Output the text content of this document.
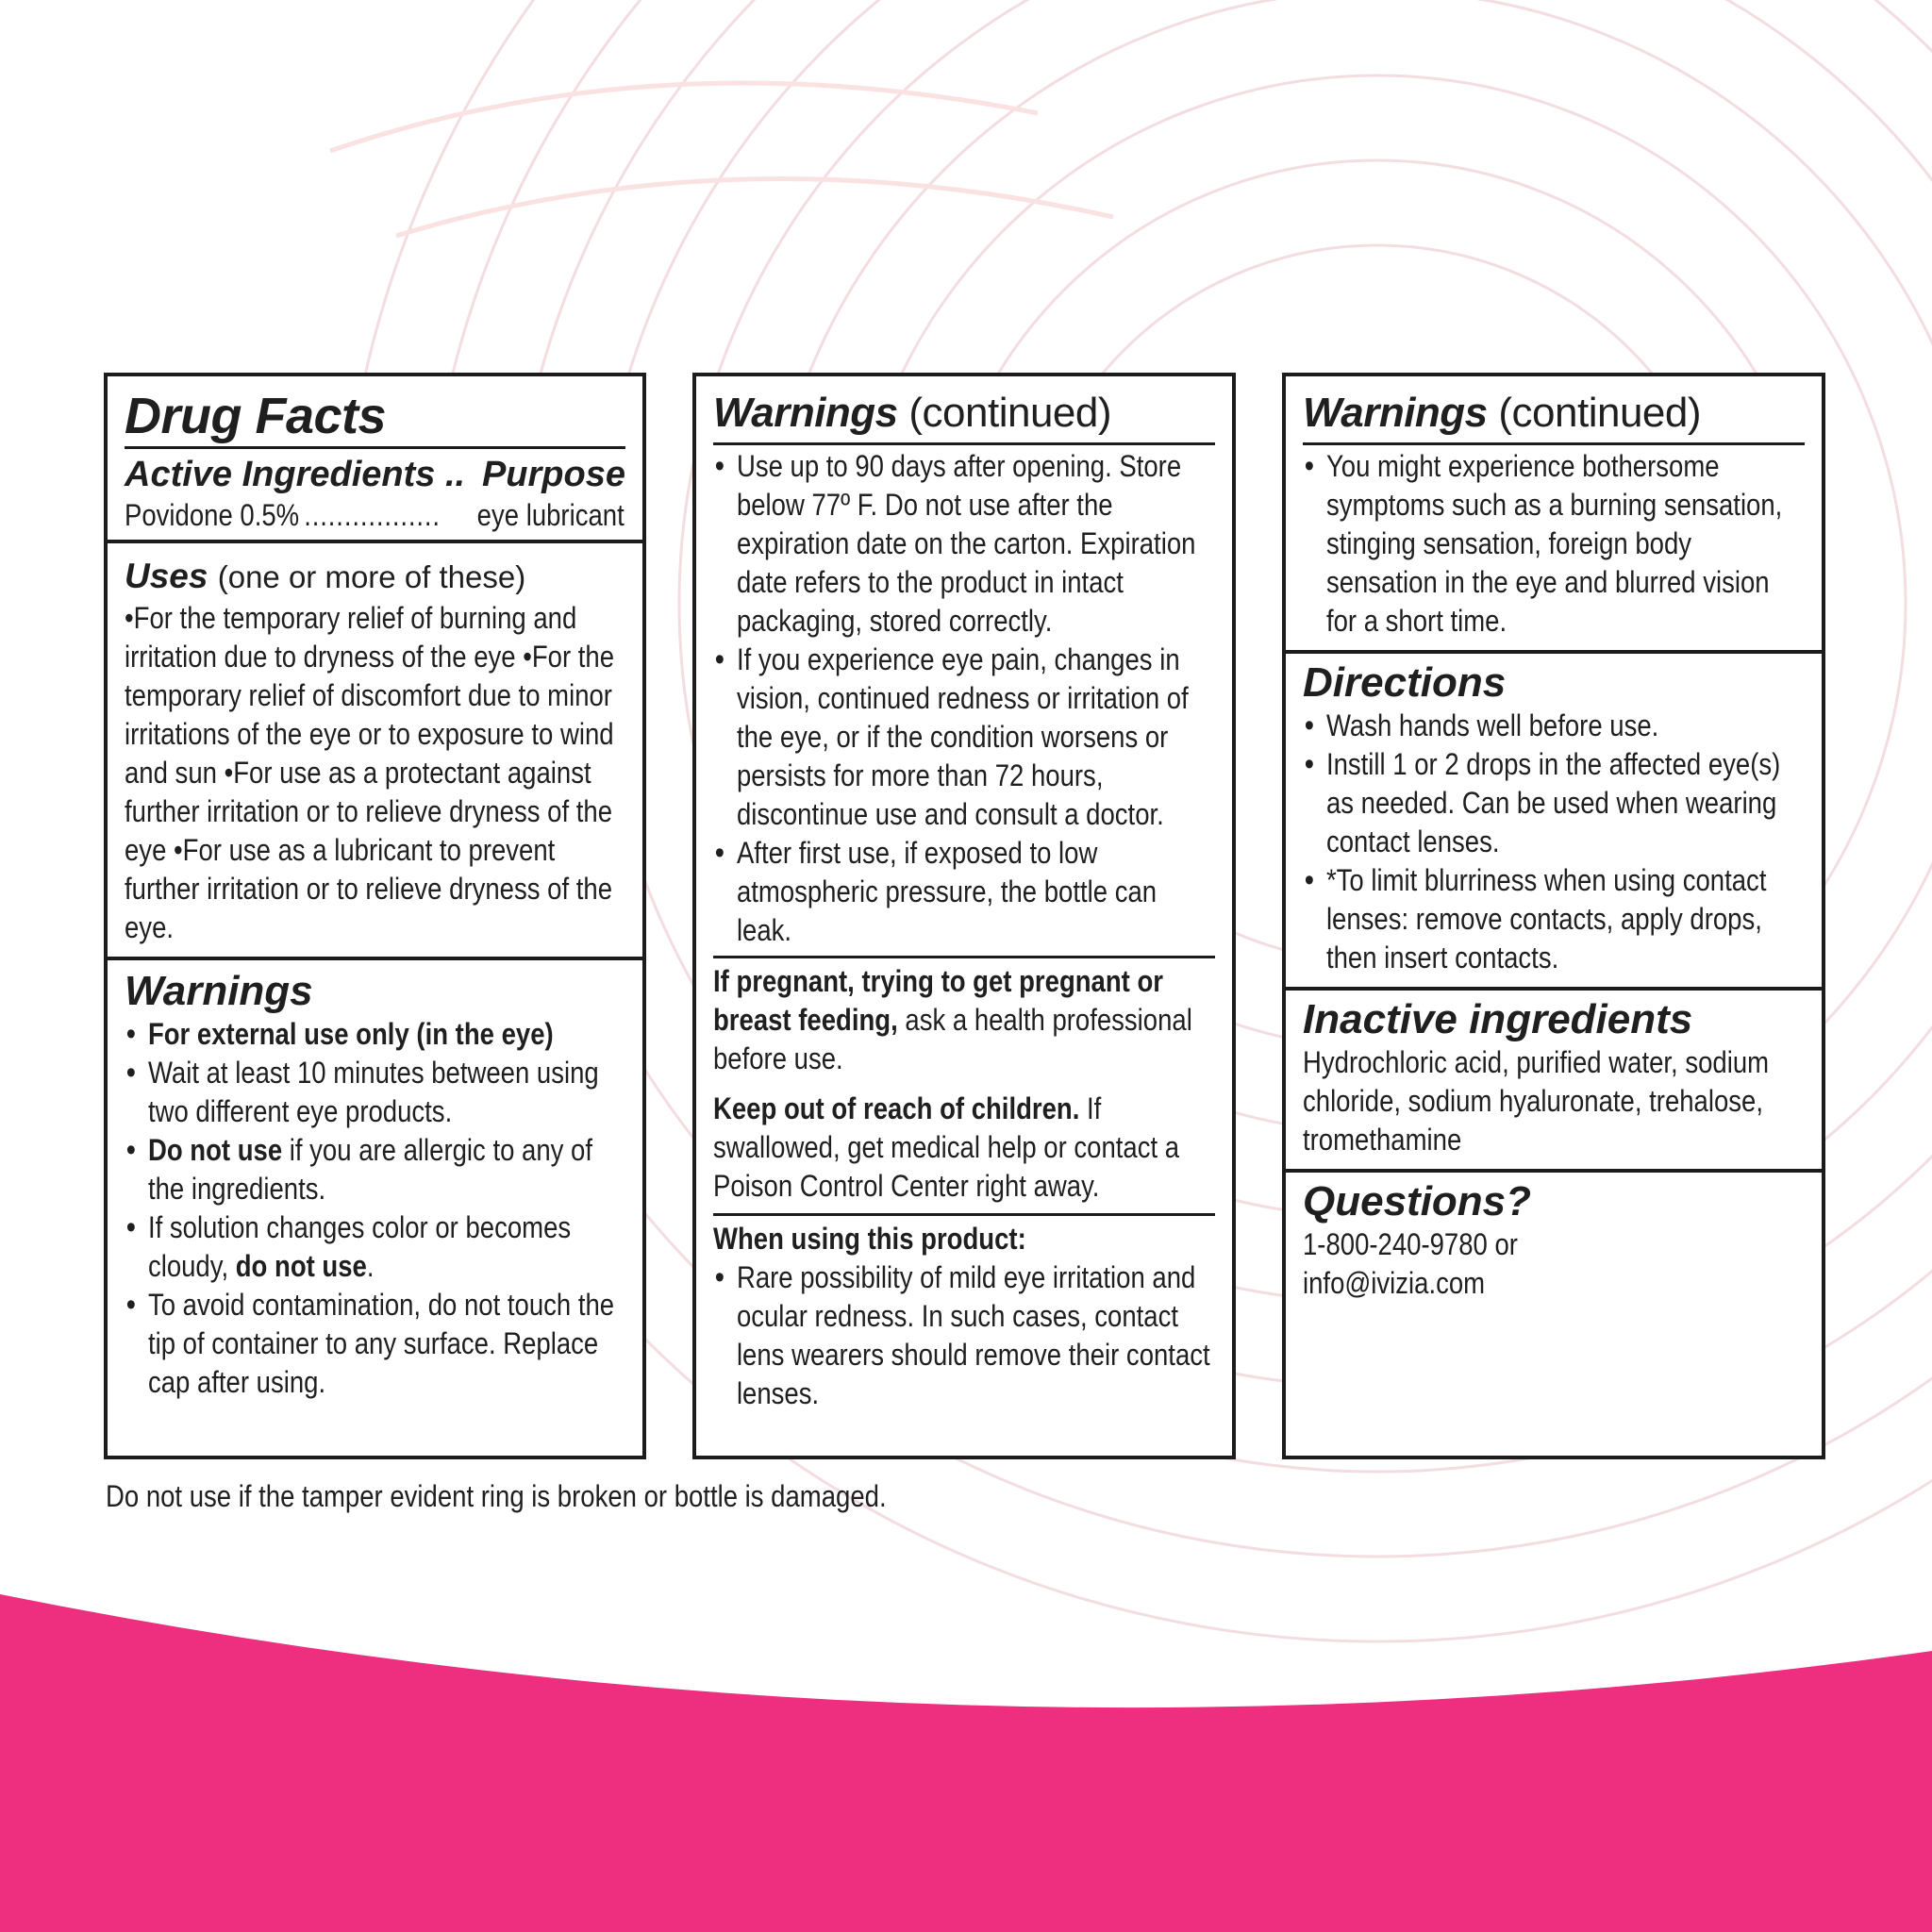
Drug Facts
Active Ingredients .. Purpose
Povidone 0.5% .................	eye lubricant
Uses (one or more of these)
•For the temporary relief of burning and irritation due to dryness of the eye •For the temporary relief of discomfort due to minor irritations of the eye or to exposure to wind and sun •For use as a protectant against further irritation or to relieve dryness of the eye •For use as a lubricant to prevent further irritation or to relieve dryness of the eye.
Warnings
• For external use only (in the eye)
• Wait at least 10 minutes between using two different eye products.
• Do not use if you are allergic to any of the ingredients.
• If solution changes color or becomes cloudy, do not use.
• To avoid contamination, do not touch the tip of container to any surface. Replace cap after using.
Warnings (continued)
• Use up to 90 days after opening. Store below 77º F. Do not use after the expiration date on the carton. Expiration date refers to the product in intact packaging, stored correctly.
• If you experience eye pain, changes in vision, continued redness or irritation of the eye, or if the condition worsens or persists for more than 72 hours, discontinue use and consult a doctor.
• After first use, if exposed to low atmospheric pressure, the bottle can leak.
If pregnant, trying to get pregnant or breast feeding, ask a health professional before use.
Keep out of reach of children. If swallowed, get medical help or contact a Poison Control Center right away.
When using this product:
• Rare possibility of mild eye irritation and ocular redness. In such cases, contact lens wearers should remove their contact lenses.
Warnings (continued)
• You might experience bothersome symptoms such as a burning sensation, stinging sensation, foreign body sensation in the eye and blurred vision for a short time.
Directions
• Wash hands well before use.
• Instill 1 or 2 drops in the affected eye(s) as needed. Can be used when wearing contact lenses.
• *To limit blurriness when using contact lenses: remove contacts, apply drops, then insert contacts.
Inactive ingredients
Hydrochloric acid, purified water, sodium chloride, sodium hyaluronate, trehalose, tromethamine
Questions?
1-800-240-9780 or
info@ivizia.com
Do not use if the tamper evident ring is broken or bottle is damaged.
